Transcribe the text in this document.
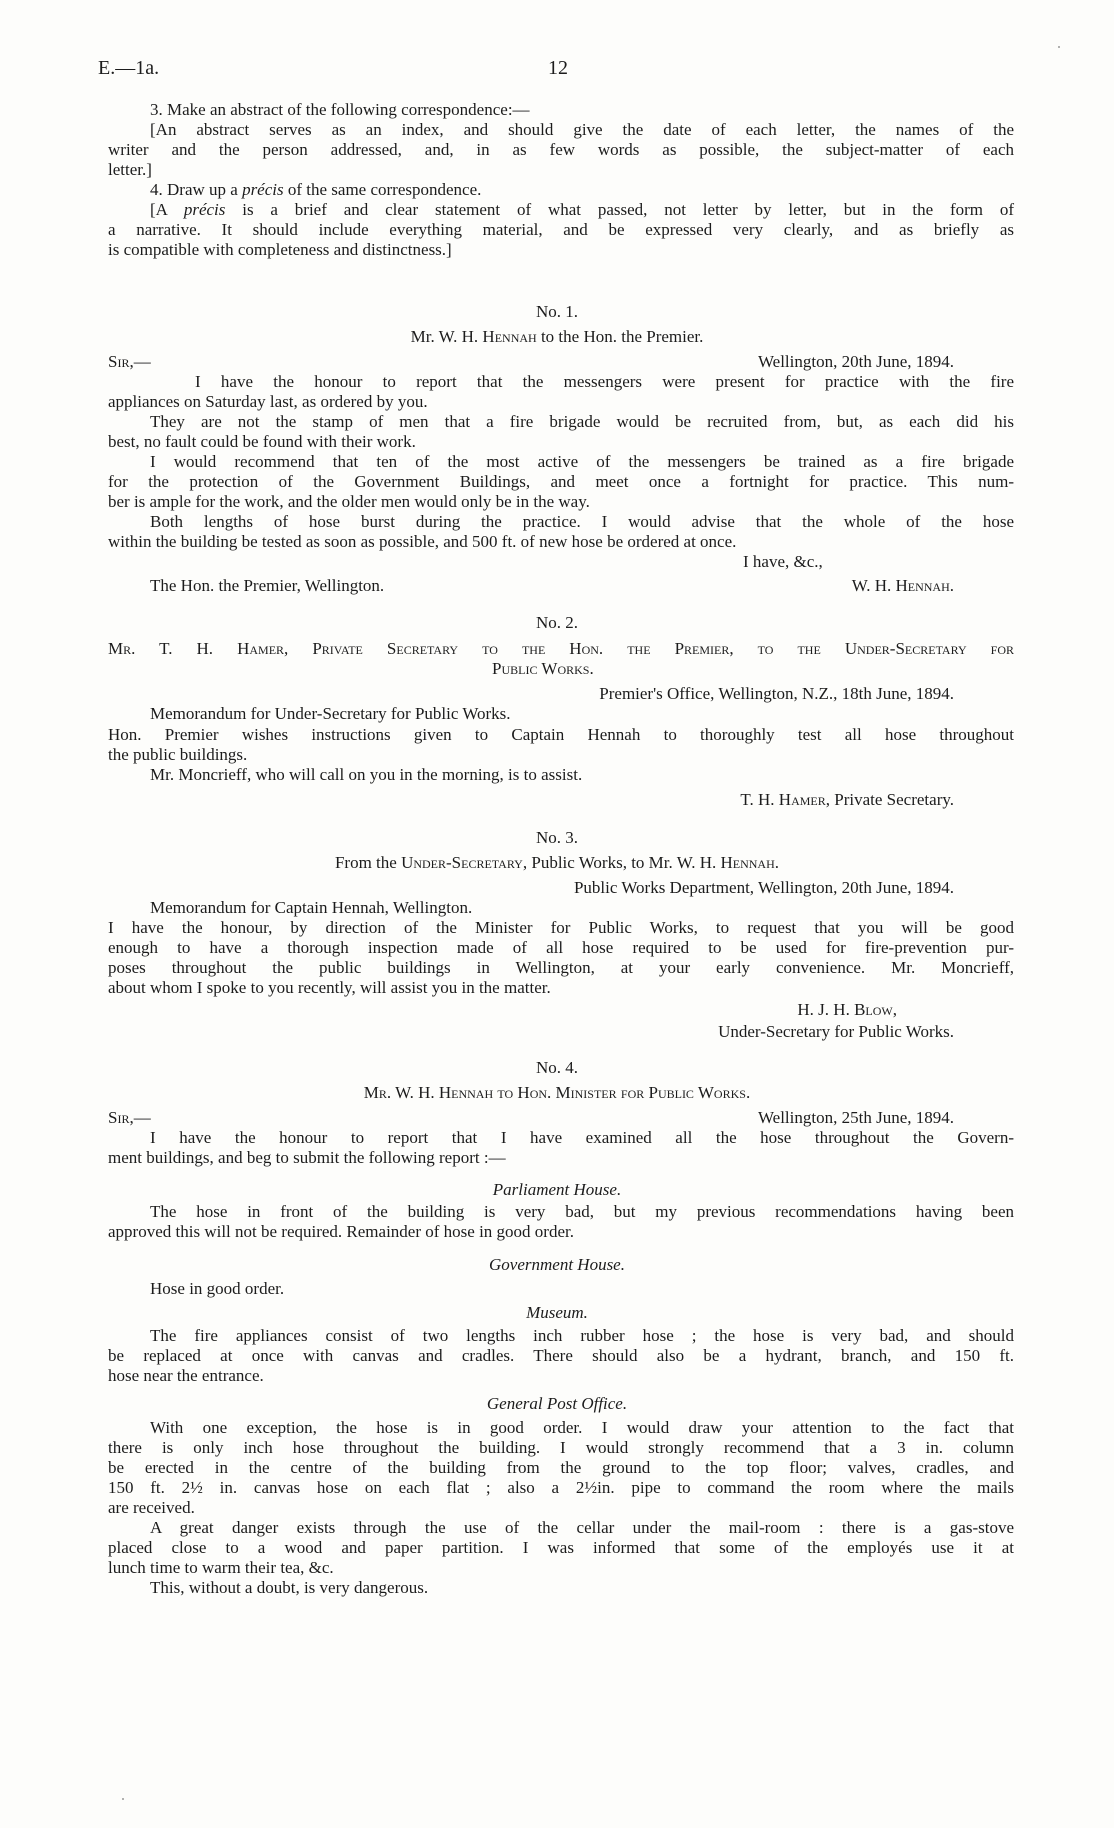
E.—1a.	12
3. Make an abstract of the following correspondence:—
[An abstract serves as an index, and should give the date of each letter, the names of the
writer and the person addressed, and, in as few words as possible, the subject-matter of each
letter.]
4. Draw up a précis of the same correspondence.
[A précis is a brief and clear statement of what passed, not letter by letter, but in the form of
a narrative. It should include everything material, and be expressed very clearly, and as briefly as
is compatible with completeness and distinctness.]
No. 1.
Mr. W. H. Hennah to the Hon. the Premier.
Sir,—	Wellington, 20th June, 1894.
I have the honour to report that the messengers were present for practice with the fire
appliances on Saturday last, as ordered by you.
They are not the stamp of men that a fire brigade would be recruited from, but, as each did his
best, no fault could be found with their work.
I would recommend that ten of the most active of the messengers be trained as a fire brigade
for the protection of the Government Buildings, and meet once a fortnight for practice. This num-
ber is ample for the work, and the older men would only be in the way.
Both lengths of hose burst during the practice. I would advise that the whole of the hose
within the building be tested as soon as possible, and 500 ft. of new hose be ordered at once.
I have, &c.,
The Hon. the Premier, Wellington.	W. H. Hennah.
No. 2.
Mr. T. H. Hamer, Private Secretary to the Hon. the Premier, to the Under-Secretary for
Public Works.
Premier's Office, Wellington, N.Z., 18th June, 1894.
Memorandum for Under-Secretary for Public Works.
Hon. Premier wishes instructions given to Captain Hennah to thoroughly test all hose throughout
the public buildings.
Mr. Moncrieff, who will call on you in the morning, is to assist.
T. H. Hamer, Private Secretary.
No. 3.
From the Under-Secretary, Public Works, to Mr. W. H. Hennah.
Public Works Department, Wellington, 20th June, 1894.
Memorandum for Captain Hennah, Wellington.
I have the honour, by direction of the Minister for Public Works, to request that you will be good
enough to have a thorough inspection made of all hose required to be used for fire-prevention pur-
poses throughout the public buildings in Wellington, at your early convenience. Mr. Moncrieff,
about whom I spoke to you recently, will assist you in the matter.
H. J. H. Blow,
Under-Secretary for Public Works.
No. 4.
Mr. W. H. Hennah to Hon. Minister for Public Works.
Sir,—	Wellington, 25th June, 1894.
I have the honour to report that I have examined all the hose throughout the Govern-
ment buildings, and beg to submit the following report :—
Parliament House.
The hose in front of the building is very bad, but my previous recommendations having been
approved this will not be required. Remainder of hose in good order.
Government House.
Hose in good order.
Museum.
The fire appliances consist of two lengths inch rubber hose ; the hose is very bad, and should
be replaced at once with canvas and cradles. There should also be a hydrant, branch, and 150 ft.
hose near the entrance.
General Post Office.
With one exception, the hose is in good order. I would draw your attention to the fact that
there is only inch hose throughout the building. I would strongly recommend that a 3 in. column
be erected in the centre of the building from the ground to the top floor; valves, cradles, and
150 ft. 2½ in. canvas hose on each flat ; also a 2½in. pipe to command the room where the mails
are received.
A great danger exists through the use of the cellar under the mail-room : there is a gas-stove
placed close to a wood and paper partition. I was informed that some of the employés use it at
lunch time to warm their tea, &c.
This, without a doubt, is very dangerous.
